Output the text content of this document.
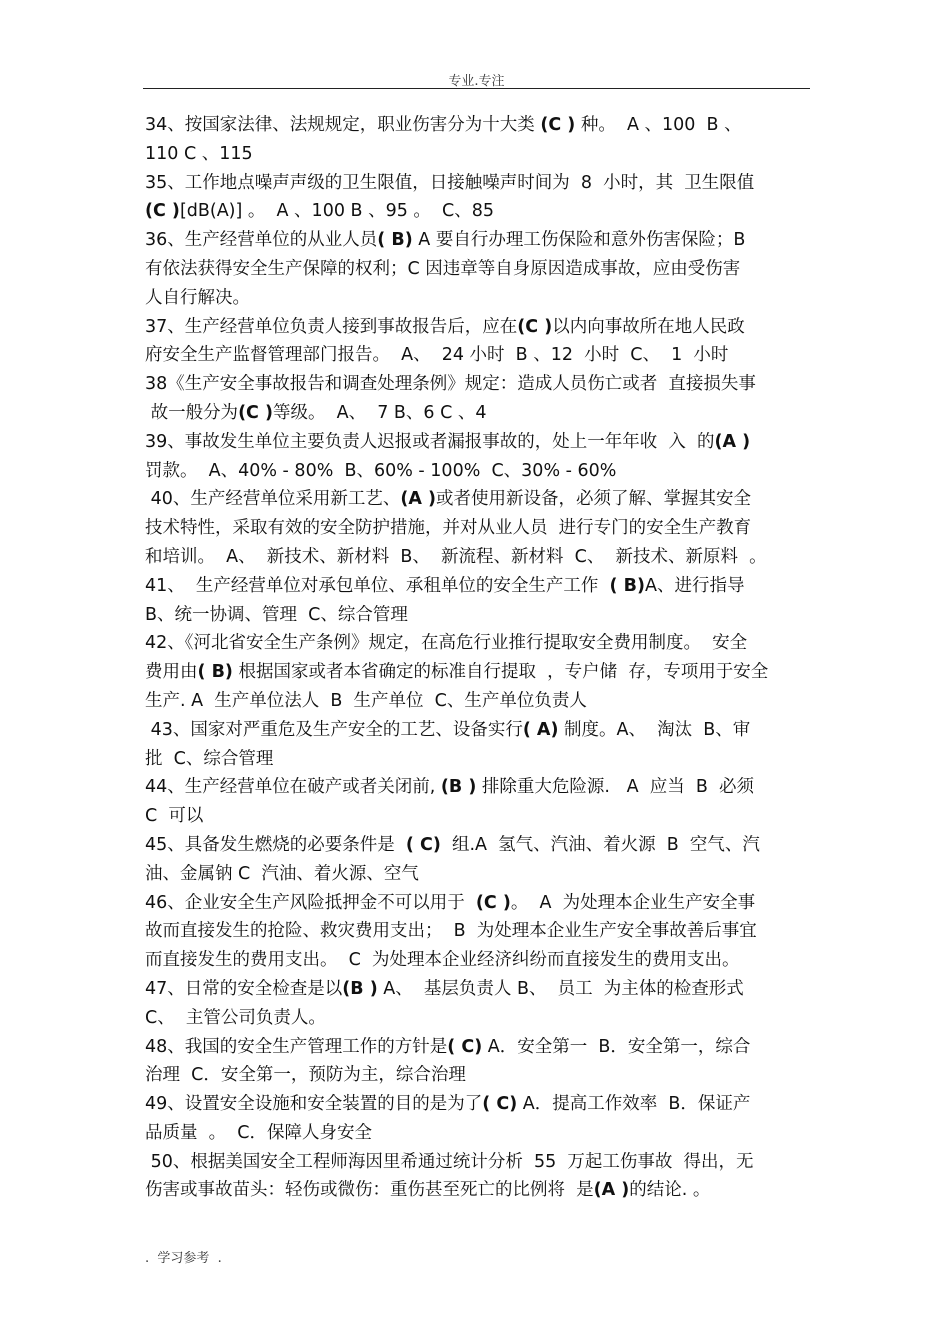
专业.专注
34、按国家法律、法规规定，职业伤害分为十大类 (C ) 种。  A 、100  B 、
110 C 、115
35、工作地点噪声声级的卫生限值，日接触噪声时间为  8  小时，其  卫生限值
(C )[dB(A)] 。  A 、100 B 、95 。  C、85
36、生产经营单位的从业人员( B) A 要自行办理工伤保险和意外伤害保险；B
有依法获得安全生产保障的权利；C 因违章等自身原因造成事故，应由受伤害
人自行解决。
37、生产经营单位负责人接到事故报告后，应在(C )以内向事故所在地人民政
府安全生产监督管理部门报告。  A、  24 小时  B 、12  小时  C、  1  小时
38《生产安全事故报告和调查处理条例》规定：造成人员伤亡或者  直接损失事
故一般分为(C )等级。  A、  7 B、6 C 、4
39、事故发生单位主要负责人迟报或者漏报事故的，处上一年年收  入  的(A )
罚款。  A、40% - 80%  B、60% - 100%  C、30% - 60%
40、生产经营单位采用新工艺、(A )或者使用新设备，必须了解、掌握其安全
技术特性，采取有效的安全防护措施，并对从业人员  进行专门的安全生产教育
和培训。  A、  新技术、新材料  B、  新流程、新材料  C、  新技术、新原料  。
41、  生产经营单位对承包单位、承租单位的安全生产工作  ( B)A、进行指导
B、统一协调、管理  C、综合管理
42、《河北省安全生产条例》规定，在高危行业推行提取安全费用制度。  安全
费用由( B) 根据国家或者本省确定的标准自行提取  ，专户储  存，专项用于安全
生产. A  生产单位法人  B  生产单位  C、生产单位负责人
43、国家对严重危及生产安全的工艺、设备实行( A) 制度。A、  淘汰  B、审
批  C、综合管理
44、生产经营单位在破产或者关闭前, (B ) 排除重大危险源.   A  应当  B  必须
C  可以
45、具备发生燃烧的必要条件是  ( C)  组.A  氢气、汽油、着火源  B  空气、汽
油、金属钠 C  汽油、着火源、空气
46、企业安全生产风险抵押金不可以用于  (C )。  A  为处理本企业生产安全事
故而直接发生的抢险、救灾费用支出；  B  为处理本企业生产安全事故善后事宜
而直接发生的费用支出。  C  为处理本企业经济纠纷而直接发生的费用支出。
47、日常的安全检查是以(B ) A、  基层负责人 B、  员工  为主体的检查形式
C、  主管公司负责人。
48、我国的安全生产管理工作的方针是( C) A．安全第一  B．安全第一，综合
治理  C．安全第一，预防为主，综合治理
49、设置安全设施和安全装置的目的是为了( C) A．提高工作效率  B．保证产
品质量  。  C．保障人身安全
50、根据美国安全工程师海因里希通过统计分析  55  万起工伤事故  得出，无
伤害或事故苗头：轻伤或微伤：重伤甚至死亡的比例将  是(A )的结论. 。
.  学习参考  .
